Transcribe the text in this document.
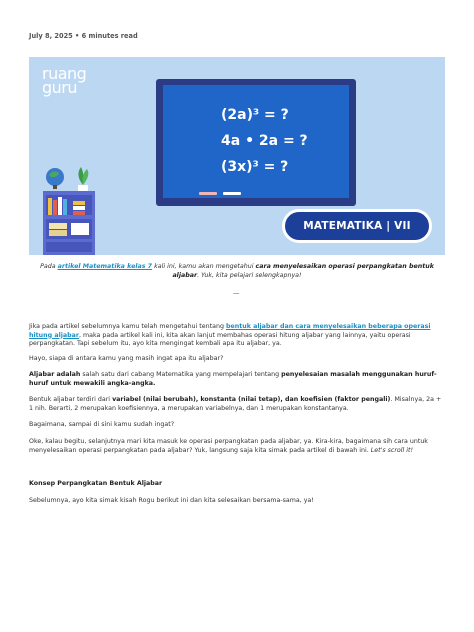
July 8, 2025 • 6 minutes read
ruang
guru
(2a)³ = ?
4a • 2a = ?
(3x)³ = ?
MATEMATIKA | VII

Pada artikel Matematika kelas 7 kali ini, kamu akan mengetahui cara menyelesaikan operasi perpangkatan bentuk aljabar. Yuk, kita pelajari selengkapnya!

—

Jika pada artikel sebelumnya kamu telah mengetahui tentang bentuk aljabar dan cara menyelesaikan beberapa operasi hitung aljabar, maka pada artikel kali ini, kita akan lanjut membahas operasi hitung aljabar yang lainnya, yaitu operasi perpangkatan. Tapi sebelum itu, ayo kita mengingat kembali apa itu aljabar, ya.

Hayo, siapa di antara kamu yang masih ingat apa itu aljabar?

Aljabar adalah salah satu dari cabang Matematika yang mempelajari tentang penyelesaian masalah menggunakan huruf-huruf untuk mewakili angka-angka.

Bentuk aljabar terdiri dari variabel (nilai berubah), konstanta (nilai tetap), dan koefisien (faktor pengali). Misalnya, 2a + 1 nih. Berarti, 2 merupakan koefisiennya, a merupakan variabelnya, dan 1 merupakan konstantanya.

Bagaimana, sampai di sini kamu sudah ingat?

Oke, kalau begitu, selanjutnya mari kita masuk ke operasi perpangkatan pada aljabar, ya. Kira-kira, bagaimana sih cara untuk menyelesaikan operasi perpangkatan pada aljabar? Yuk, langsung saja kita simak pada artikel di bawah ini. Let's scroll it!

Konsep Perpangkatan Bentuk Aljabar

Sebelumnya, ayo kita simak kisah Rogu berikut ini dan kita selesaikan bersama-sama, ya!
